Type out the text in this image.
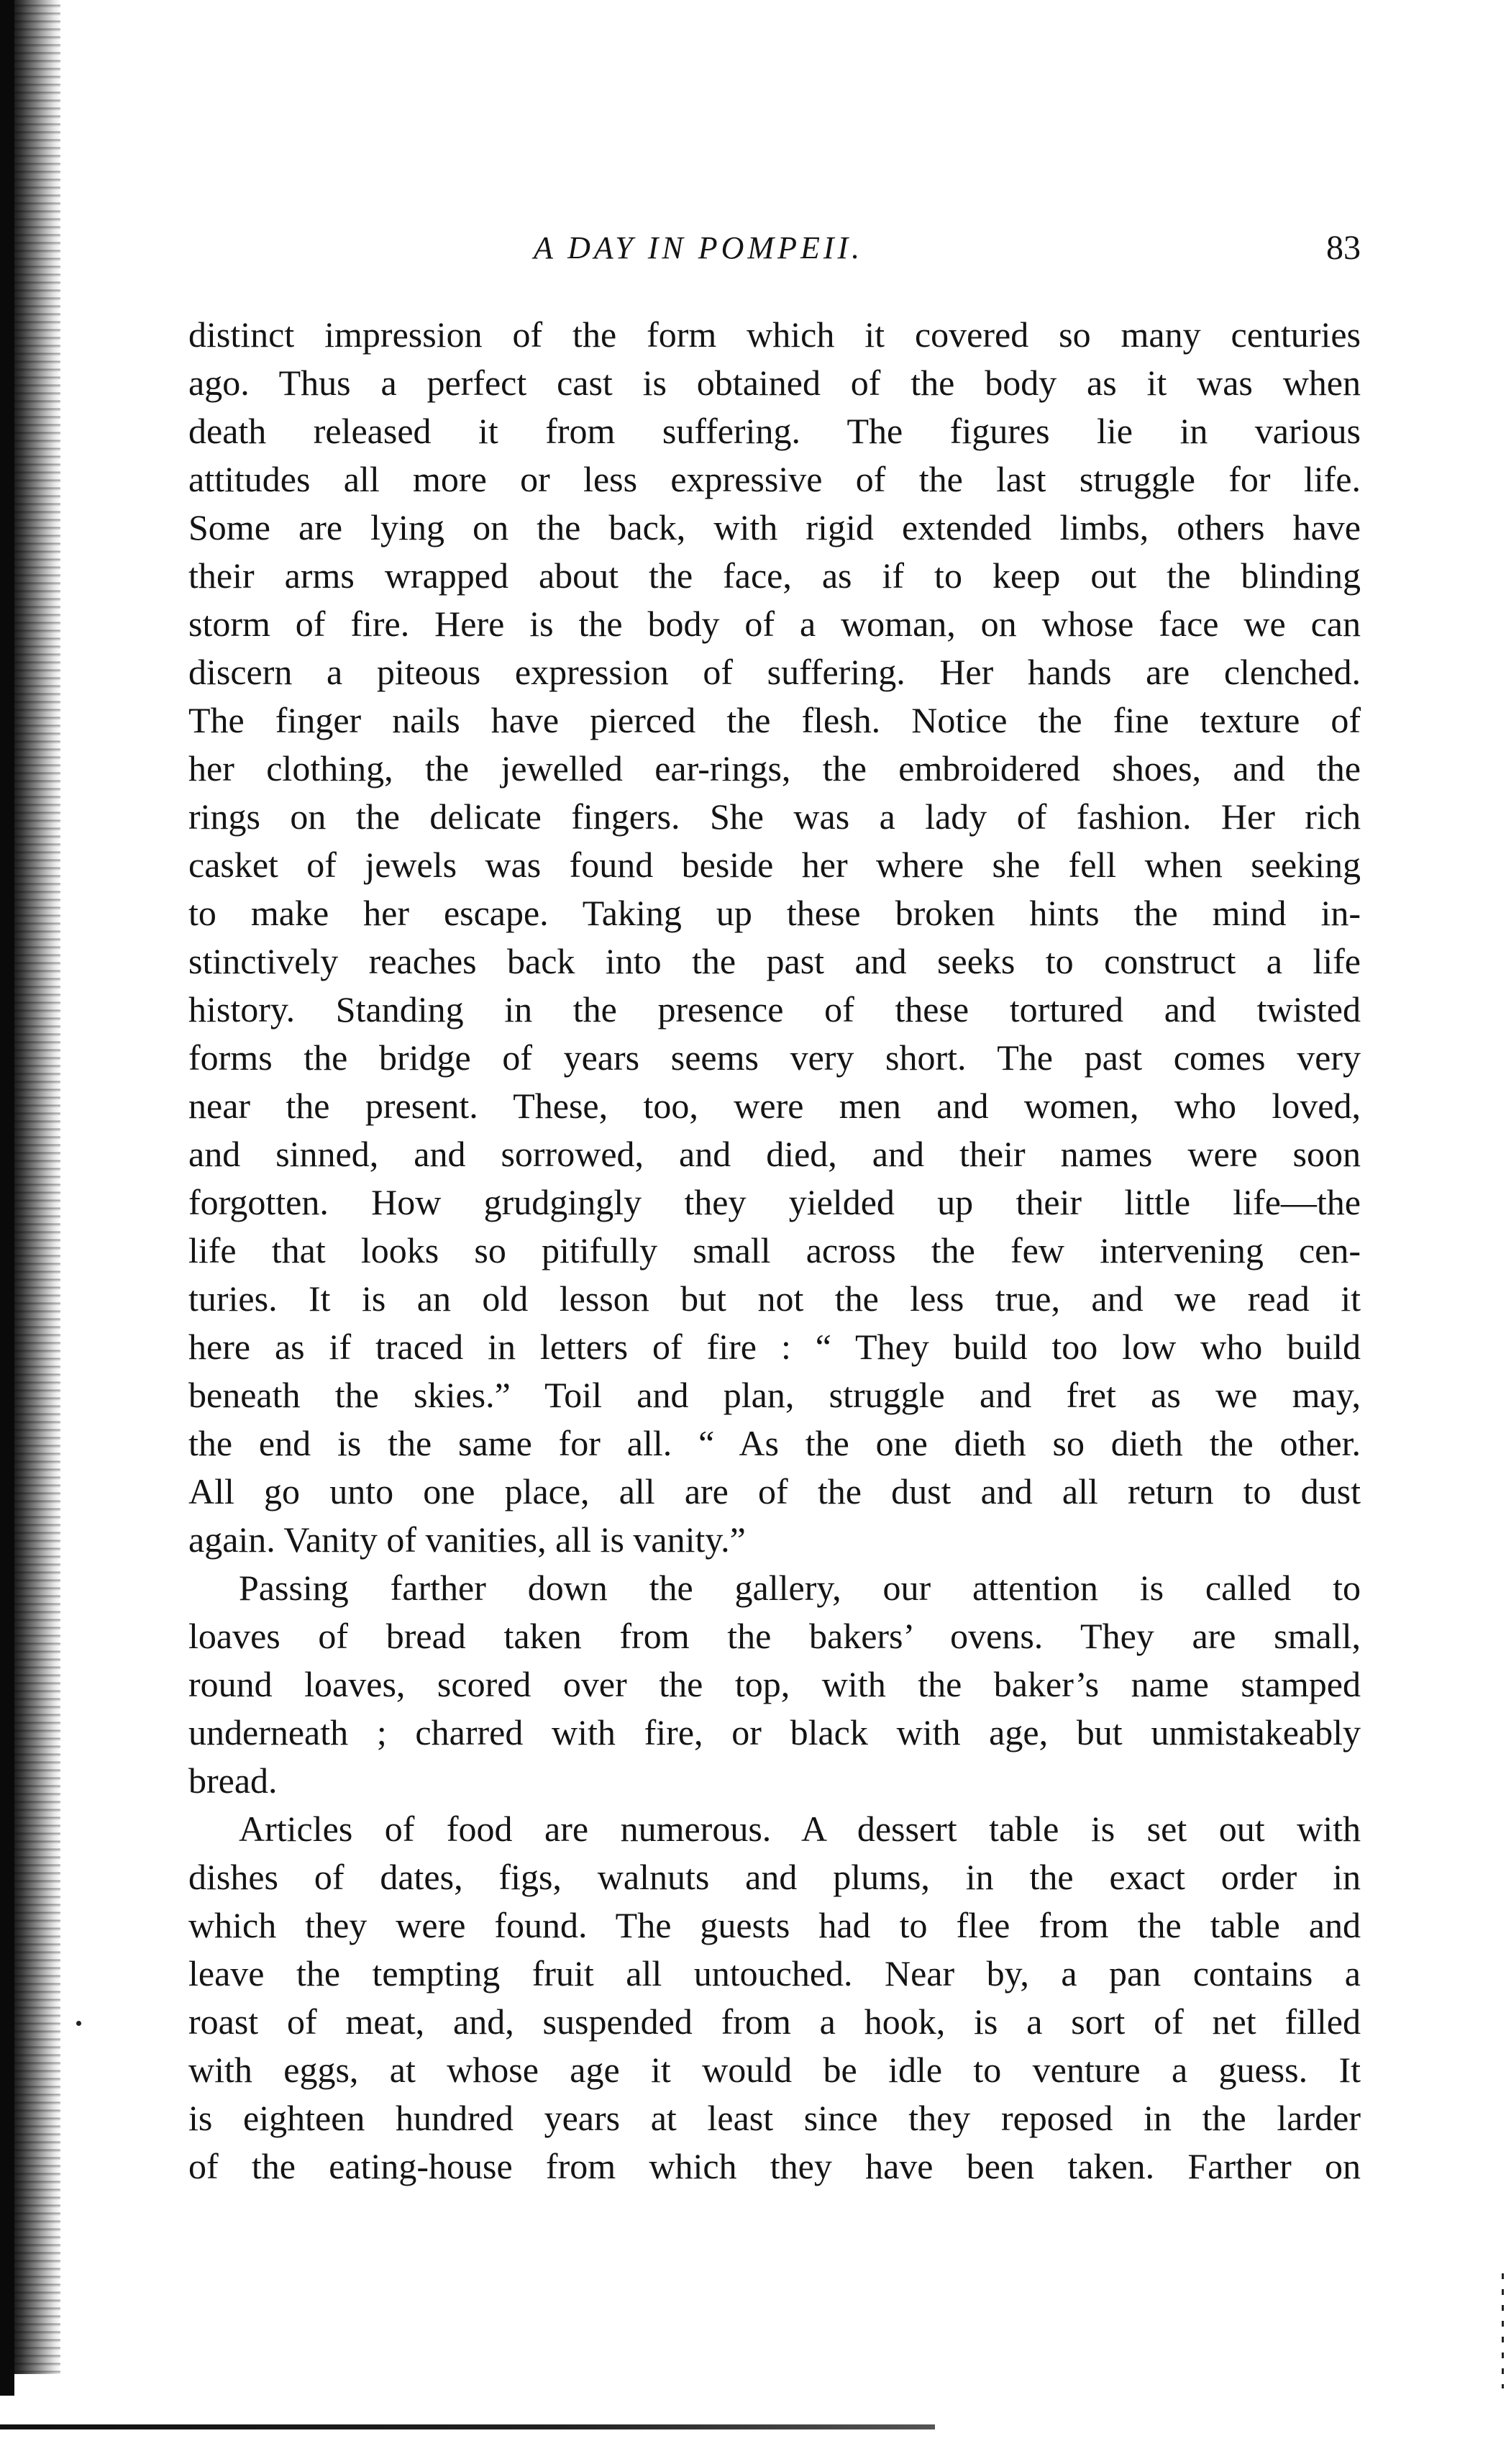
A DAY IN POMPEII.	83
distinct impression of the form which it covered so many centuries
ago. Thus a perfect cast is obtained of the body as it was when
death released it from suffering. The figures lie in various
attitudes all more or less expressive of the last struggle for life.
Some are lying on the back, with rigid extended limbs, others have
their arms wrapped about the face, as if to keep out the blinding
storm of fire. Here is the body of a woman, on whose face we can
discern a piteous expression of suffering. Her hands are clenched.
The finger nails have pierced the flesh. Notice the fine texture of
her clothing, the jewelled ear-rings, the embroidered shoes, and the
rings on the delicate fingers. She was a lady of fashion. Her rich
casket of jewels was found beside her where she fell when seeking
to make her escape. Taking up these broken hints the mind in-
stinctively reaches back into the past and seeks to construct a life
history. Standing in the presence of these tortured and twisted
forms the bridge of years seems very short. The past comes very
near the present. These, too, were men and women, who loved,
and sinned, and sorrowed, and died, and their names were soon
forgotten. How grudgingly they yielded up their little life—the
life that looks so pitifully small across the few intervening cen-
turies. It is an old lesson but not the less true, and we read it
here as if traced in letters of fire : “ They build too low who build
beneath the skies.” Toil and plan, struggle and fret as we may,
the end is the same for all. “ As the one dieth so dieth the other.
All go unto one place, all are of the dust and all return to dust
again. Vanity of vanities, all is vanity.”
Passing farther down the gallery, our attention is called to
loaves of bread taken from the bakers’ ovens. They are small,
round loaves, scored over the top, with the baker’s name stamped
underneath ; charred with fire, or black with age, but unmistakeably
bread.
Articles of food are numerous. A dessert table is set out with
dishes of dates, figs, walnuts and plums, in the exact order in
which they were found. The guests had to flee from the table and
leave the tempting fruit all untouched. Near by, a pan contains a
roast of meat, and, suspended from a hook, is a sort of net filled
with eggs, at whose age it would be idle to venture a guess. It
is eighteen hundred years at least since they reposed in the larder
of the eating-house from which they have been taken. Farther on
